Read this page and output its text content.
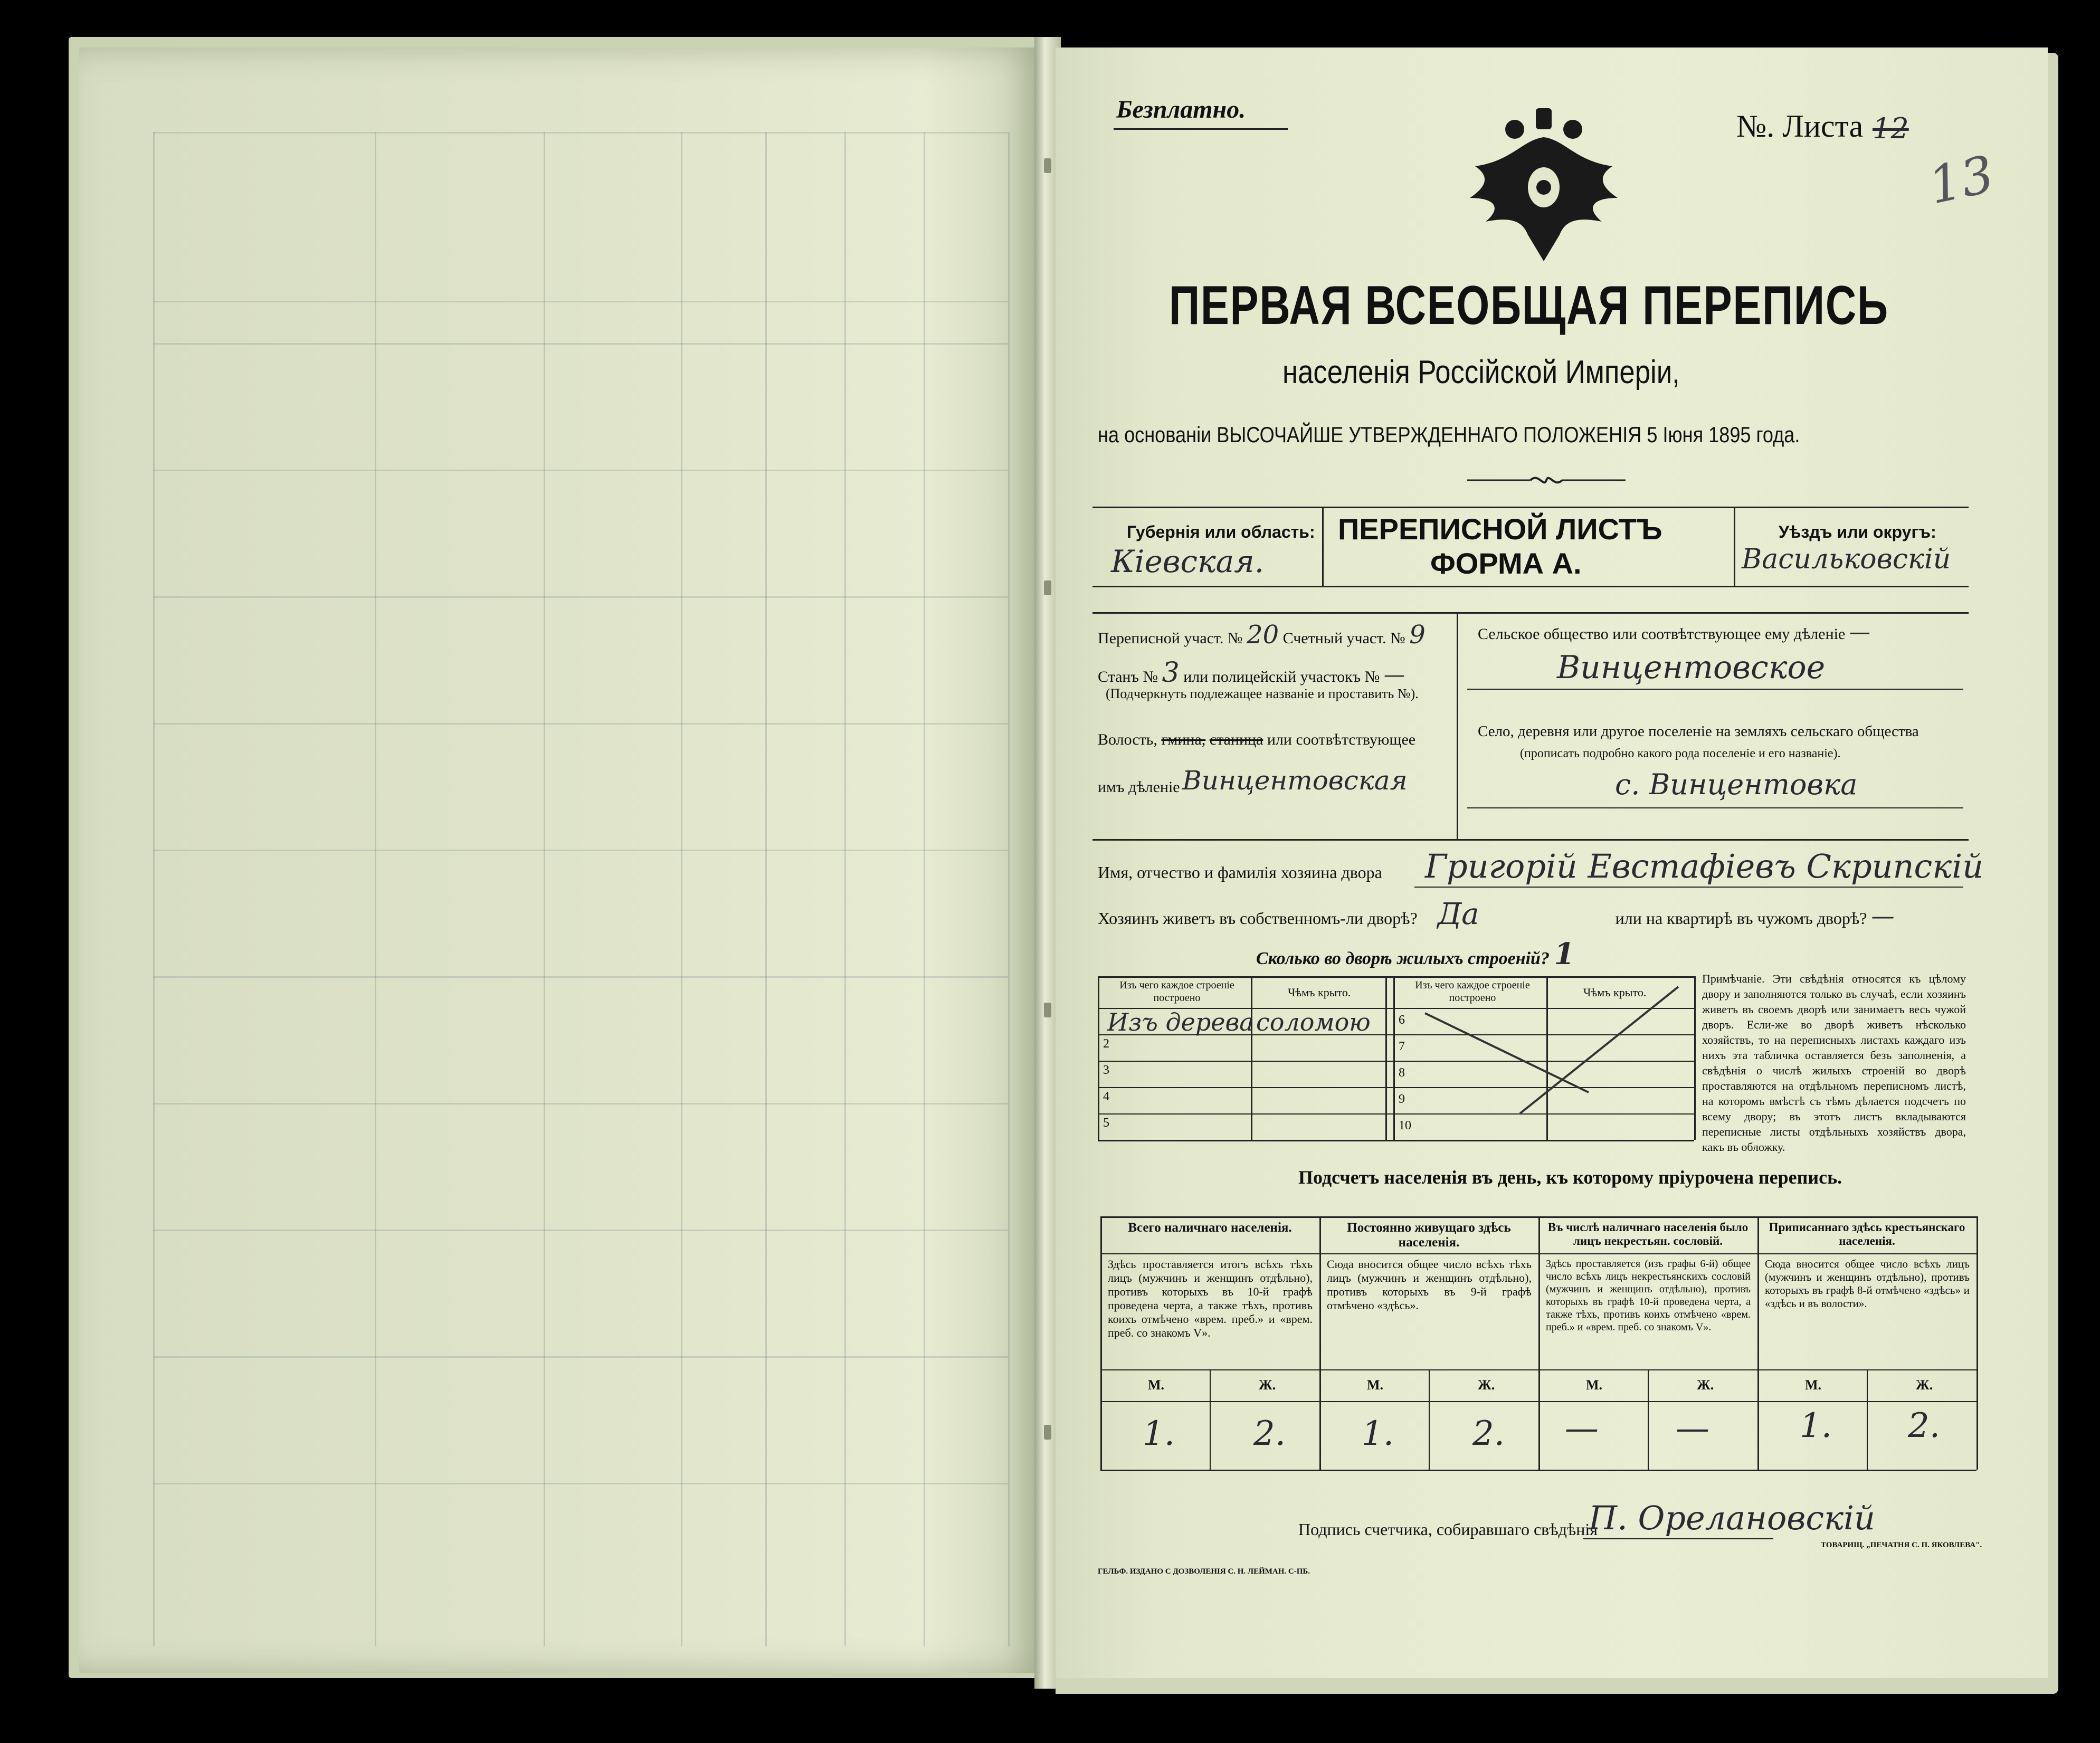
Безплатно.	№. Листа 12
13
ПЕРВАЯ ВСЕОБЩАЯ ПЕРЕПИСЬ
населенія Россійской Имперіи,
на основаніи ВЫСОЧАЙШЕ УТВЕРЖДЕННАГО ПОЛОЖЕНІЯ 5 Іюня 1895 года.
Губернія или область:
Кіевская.
ПЕРЕПИСНОЙ ЛИСТЪ
ФОРМА А.
Уѣздъ или округъ:
Васильковскій
Переписной участ. № 20 Счетный участ. № 9
Станъ № 3 или полицейскій участокъ № —
(Подчеркнуть подлежащее названіе и проставить №).
Волость, гмина, станица или соотвѣтствующее
имъ дѣленіе Винцентовская
Сельское общество или соотвѣтствующее ему дѣленіе —
Винцентовское
Село, деревня или другое поселеніе на земляхъ сельскаго общества
(прописать подробно какого рода поселеніе и его названіе).
с. Винцентовка
Имя, отчество и фамилія хозяина двора Григорій Евстафіевъ Скрипскій
Хозяинъ живетъ въ собственномъ-ли дворѣ? Да	или на квартирѣ въ чужомъ дворѣ? —
Сколько во дворѣ жилыхъ строеній? 1
Изъ чего каждое строеніе построено	Чѣмъ крыто.
Изъ чего каждое строеніе построено	Чѣмъ крыто.
Изъ дерева соломою
2
3
4
5
6
7
8
9
10
Примѣчаніе. Эти свѣдѣнія относятся къ цѣлому двору и заполняются только въ случаѣ, если хозяинъ живетъ въ своемъ дворѣ или занимаетъ весь чужой дворъ. Если-же во дворѣ живетъ нѣсколько хозяйствъ, то на переписныхъ листахъ каждаго изъ нихъ эта табличка оставляется безъ заполненія, а свѣдѣнія о числѣ жилыхъ строеній во дворѣ проставляются на отдѣльномъ переписномъ листѣ, на которомъ вмѣстѣ съ тѣмъ дѣлается подсчетъ по всему двору; въ этотъ листъ вкладываются переписные листы отдѣльныхъ хозяйствъ двора, какъ въ обложку.
Подсчетъ населенія въ день, къ которому пріурочена перепись.
Всего наличнаго населенія.
Здѣсь проставляется итогъ всѣхъ тѣхъ лицъ (мужчинъ и женщинъ отдѣльно), противъ которыхъ въ 10-й графѣ проведена черта, а также тѣхъ, противъ коихъ отмѣчено «врем. преб.» и «врем. преб. со знакомъ V».
М.	Ж.
1. 2.
Постоянно живущаго здѣсь населенія.
Сюда вносится общее число всѣхъ тѣхъ лицъ (мужчинъ и женщинъ отдѣльно), противъ которыхъ въ 9-й графѣ отмѣчено «здѣсь».
М.	Ж.
1. 2.
Въ числѣ наличнаго населенія было лицъ некрестьян. сословій.
Здѣсь проставляется (изъ графы 6-й) общее число всѣхъ лицъ некрестьянскихъ сословій (мужчинъ и женщинъ отдѣльно), противъ которыхъ въ графѣ 10-й проведена черта, а также тѣхъ, противъ коихъ отмѣчено «врем. преб.» и «врем. преб. со знакомъ V».
М.	Ж.
— —
Приписаннаго здѣсь крестьянскаго населенія.
Сюда вносится общее число всѣхъ лицъ (мужчинъ и женщинъ отдѣльно), противъ которыхъ въ графѣ 8-й отмѣчено «здѣсь» и «здѣсь и въ волости».
М.	Ж.
1. 2.
Подпись счетчика, собиравшаго свѣдѣнія
П. Орелановскій
ГЕЛЬФ. ИЗДАНО С ДОЗВОЛЕНІЯ С. Н. ЛЕЙМАН. С-ПБ.
ТОВАРИЩ. „ПЕЧАТНЯ С. П. ЯКОВЛЕВА".
